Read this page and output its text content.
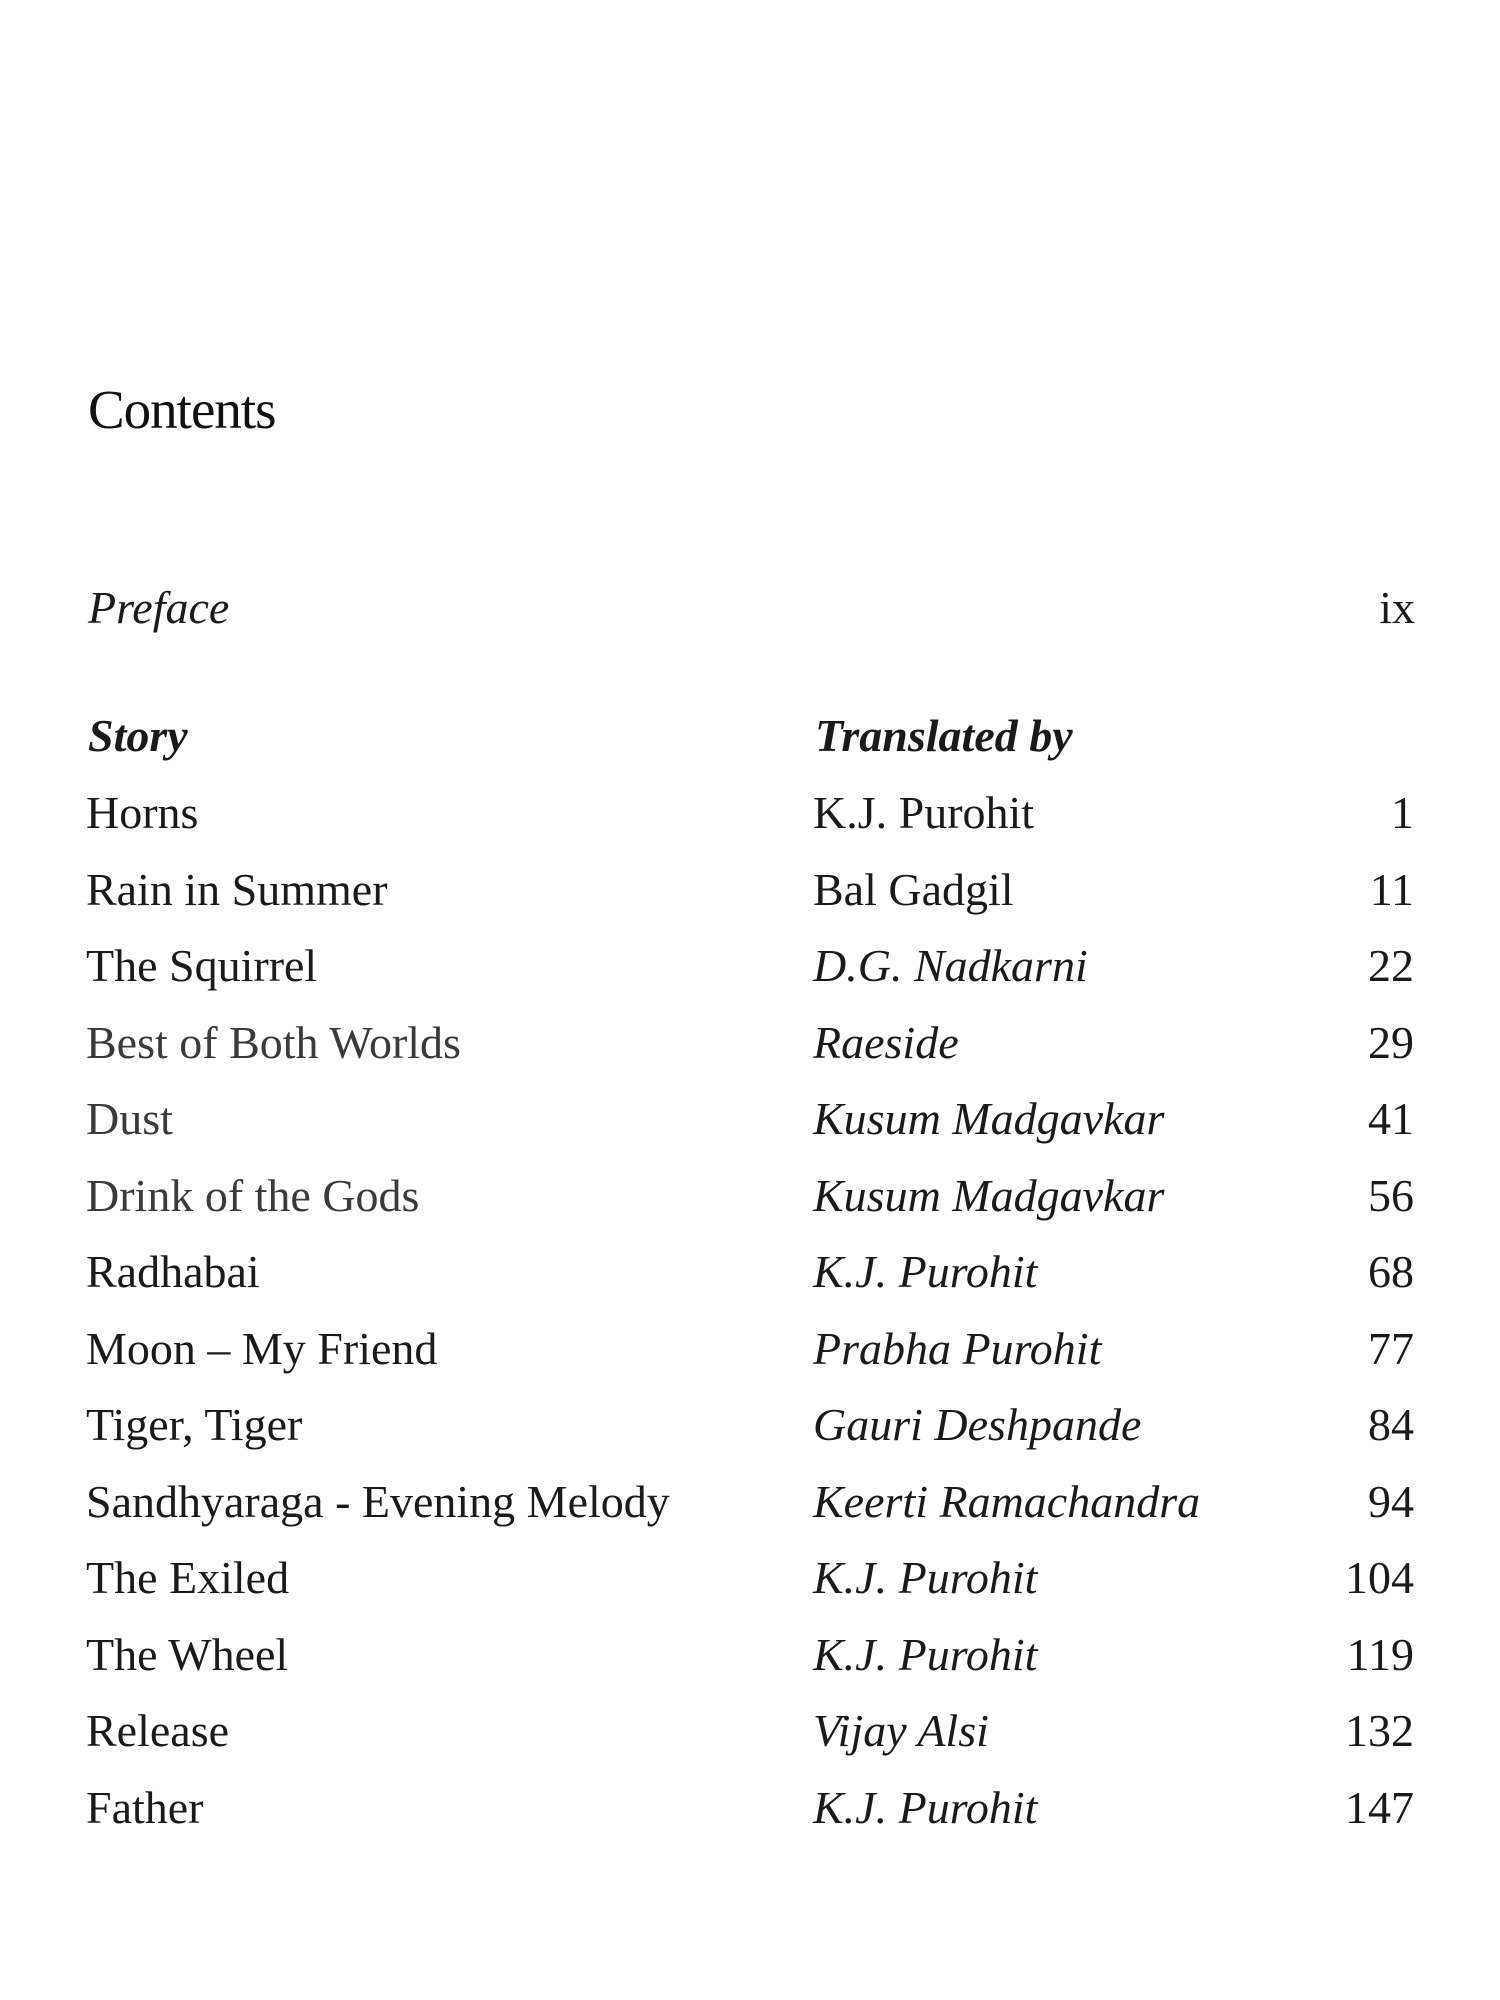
Contents
Preface	ix
Story	Translated by
Horns	K.J. Purohit	1
Rain in Summer	Bal Gadgil	11
The Squirrel	D.G. Nadkarni	22
Best of Both Worlds	Raeside	29
Dust	Kusum Madgavkar	41
Drink of the Gods	Kusum Madgavkar	56
Radhabai	K.J. Purohit	68
Moon – My Friend	Prabha Purohit	77
Tiger, Tiger	Gauri Deshpande	84
Sandhyaraga - Evening Melody	Keerti Ramachandra	94
The Exiled	K.J. Purohit	104
The Wheel	K.J. Purohit	119
Release	Vijay Alsi	132
Father	K.J. Purohit	147
